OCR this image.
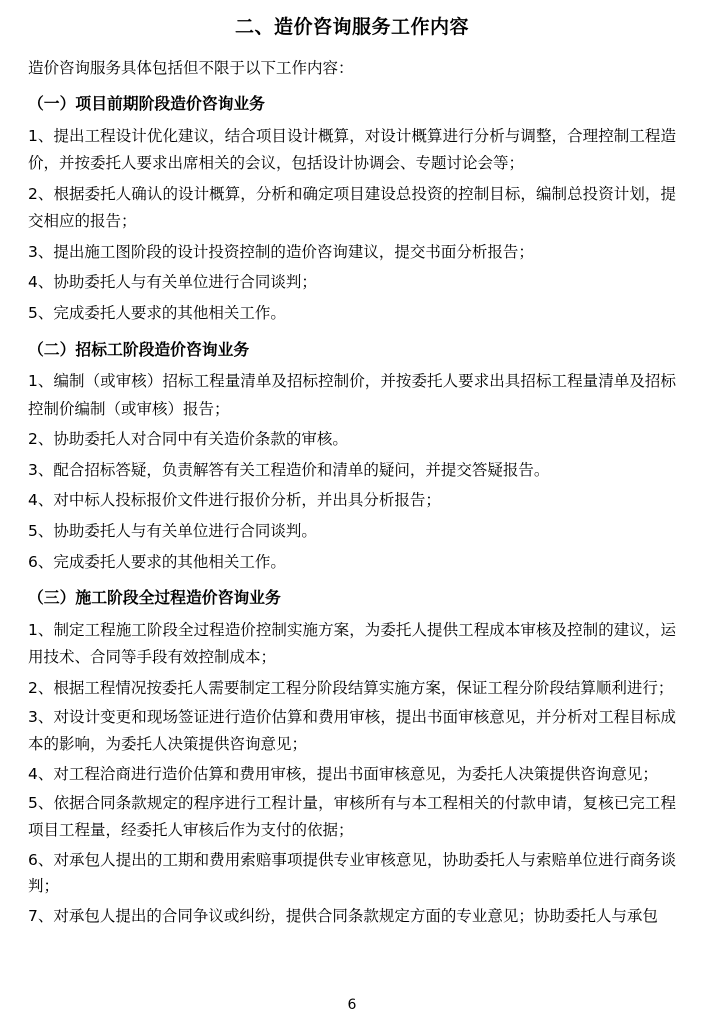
二、造价咨询服务工作内容

造价咨询服务具体包括但不限于以下工作内容：

（一）项目前期阶段造价咨询业务

1、提出工程设计优化建议，结合项目设计概算，对设计概算进行分析与调整，合理控制工程造价，并按委托人要求出席相关的会议，包括设计协调会、专题讨论会等；

2、根据委托人确认的设计概算，分析和确定项目建设总投资的控制目标，编制总投资计划，提交相应的报告；

3、提出施工图阶段的设计投资控制的造价咨询建议，提交书面分析报告；

4、协助委托人与有关单位进行合同谈判；

5、完成委托人要求的其他相关工作。

（二）招标工阶段造价咨询业务

1、编制（或审核）招标工程量清单及招标控制价，并按委托人要求出具招标工程量清单及招标控制价编制（或审核）报告；

2、协助委托人对合同中有关造价条款的审核。

3、配合招标答疑，负责解答有关工程造价和清单的疑问，并提交答疑报告。

4、对中标人投标报价文件进行报价分析，并出具分析报告；

5、协助委托人与有关单位进行合同谈判。

6、完成委托人要求的其他相关工作。

（三）施工阶段全过程造价咨询业务

1、制定工程施工阶段全过程造价控制实施方案，为委托人提供工程成本审核及控制的建议，运用技术、合同等手段有效控制成本；

2、根据工程情况按委托人需要制定工程分阶段结算实施方案，保证工程分阶段结算顺利进行；

3、对设计变更和现场签证进行造价估算和费用审核，提出书面审核意见，并分析对工程目标成本的影响，为委托人决策提供咨询意见；

4、对工程洽商进行造价估算和费用审核，提出书面审核意见，为委托人决策提供咨询意见；

5、依据合同条款规定的程序进行工程计量，审核所有与本工程相关的付款申请，复核已完工程项目工程量，经委托人审核后作为支付的依据；

6、对承包人提出的工期和费用索赔事项提供专业审核意见，协助委托人与索赔单位进行商务谈判；

7、对承包人提出的合同争议或纠纷，提供合同条款规定方面的专业意见；协助委托人与承包

6
